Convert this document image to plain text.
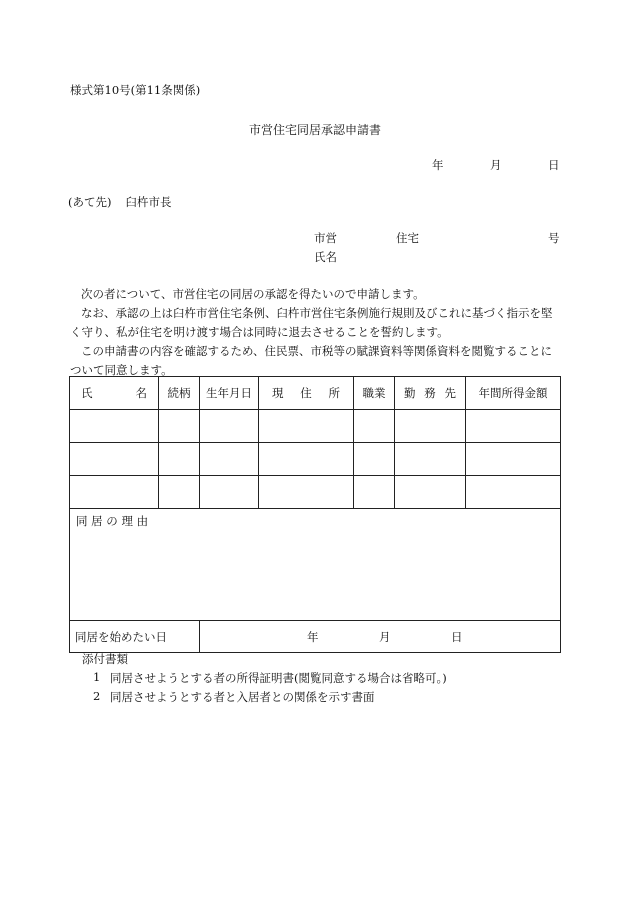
様式第10号(第11条関係)
市営住宅同居承認申請書
年	月	日
(あて先) 臼杵市長
市営	住宅	号
氏名

次の者について、市営住宅の同居の承認を得たいので申請します。

なお、承認の上は臼杵市営住宅条例、臼杵市営住宅条例施行規則及びこれに基づく指示を堅く守り、私が住宅を明け渡す場合は同時に退去させることを誓約します。

この申請書の内容を確認するため、住民票、市税等の賦課資料等関係資料を閲覧することについて同意します。

氏 名	続柄	生年月日	現 住 所	職業	勤 務 先	年間所得金額

同 居 の 理 由						
同居を始めたい日		年 月 日				
添付書類
1 同居させようとする者の所得証明書(閲覧同意する場合は省略可。)
2 同居させようとする者と入居者との関係を示す書面
